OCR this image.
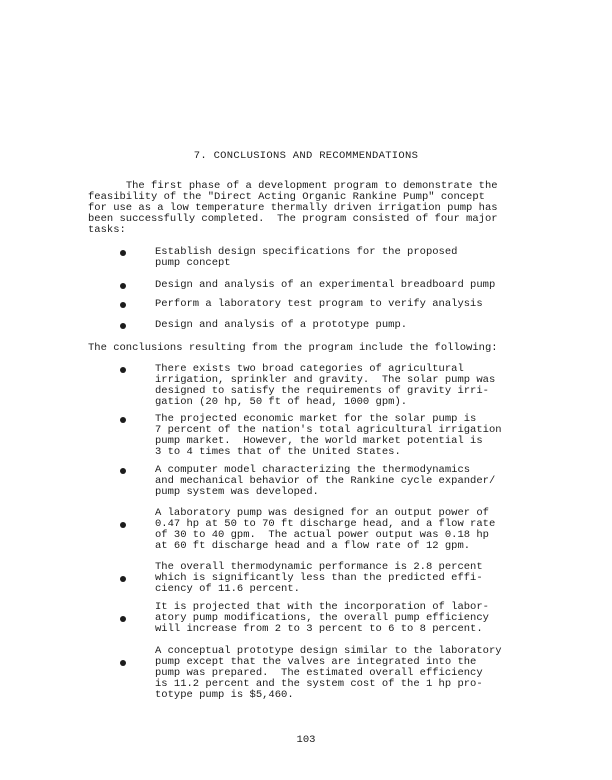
7. CONCLUSIONS AND RECOMMENDATIONS

The first phase of a development program to demonstrate the
feasibility of the "Direct Acting Organic Rankine Pump" concept
for use as a low temperature thermally driven irrigation pump has
been successfully completed.  The program consisted of four major
tasks:

Establish design specifications for the proposed
pump concept

Design and analysis of an experimental breadboard pump

Perform a laboratory test program to verify analysis

Design and analysis of a prototype pump.

The conclusions resulting from the program include the following:

There exists two broad categories of agricultural
irrigation, sprinkler and gravity.  The solar pump was
designed to satisfy the requirements of gravity irri-
gation (20 hp, 50 ft of head, 1000 gpm).

The projected economic market for the solar pump is
7 percent of the nation's total agricultural irrigation
pump market.  However, the world market potential is
3 to 4 times that of the United States.

A computer model characterizing the thermodynamics
and mechanical behavior of the Rankine cycle expander/
pump system was developed.

A laboratory pump was designed for an output power of
0.47 hp at 50 to 70 ft discharge head, and a flow rate
of 30 to 40 gpm.  The actual power output was 0.18 hp
at 60 ft discharge head and a flow rate of 12 gpm.

The overall thermodynamic performance is 2.8 percent
which is significantly less than the predicted effi-
ciency of 11.6 percent.

It is projected that with the incorporation of labor-
atory pump modifications, the overall pump efficiency
will increase from 2 to 3 percent to 6 to 8 percent.

A conceptual prototype design similar to the laboratory
pump except that the valves are integrated into the
pump was prepared.  The estimated overall efficiency
is 11.2 percent and the system cost of the 1 hp pro-
totype pump is $5,460.

103
